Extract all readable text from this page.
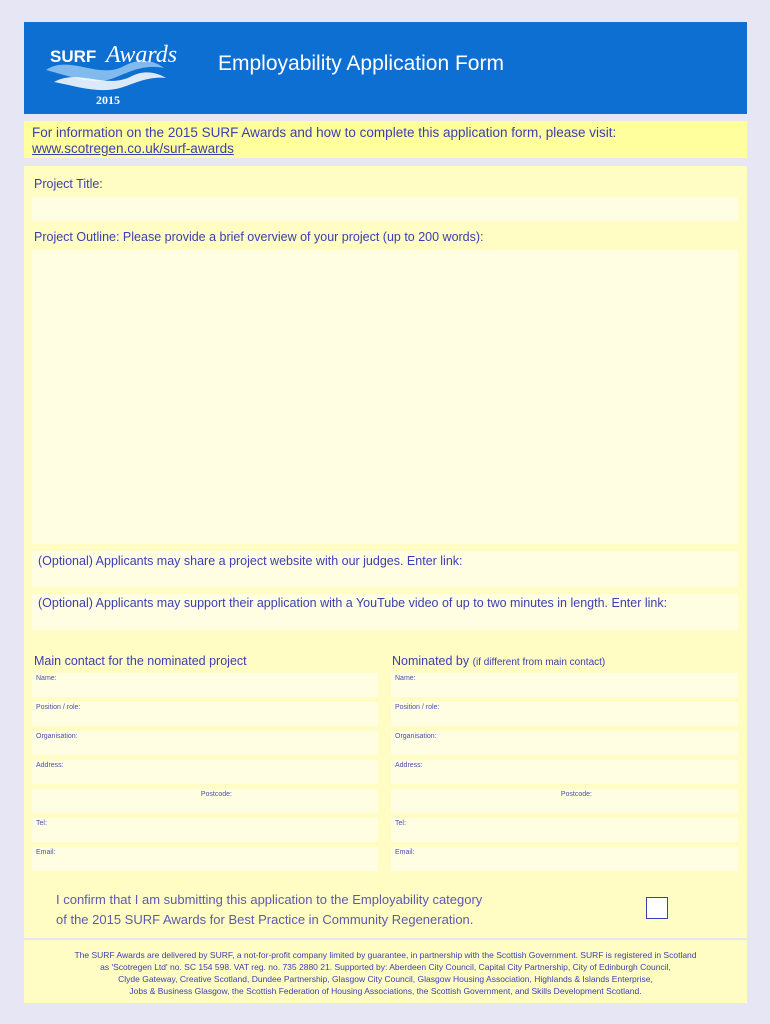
SURF Awards
2015
Employability Application Form
For information on the 2015 SURF Awards and how to complete this application form, please visit:
www.scotregen.co.uk/surf-awards
Project Title:
Project Outline: Please provide a brief overview of your project (up to 200 words):
(Optional) Applicants may share a project website with our judges. Enter link:
(Optional) Applicants may support their application with a YouTube video of up to two minutes in length. Enter link:
Main contact for the nominated project	Nominated by (if different from main contact)
Name:
Position / role:
Organisation:
Address:
Postcode:
Tel:
Email:
Name:
Position / role:
Organisation:
Address:
Postcode:
Tel:
Email:
I confirm that I am submitting this application to the Employability category
of the 2015 SURF Awards for Best Practice in Community Regeneration.
The SURF Awards are delivered by SURF, a not-for-profit company limited by guarantee, in partnership with the Scottish Government. SURF is registered in Scotland
as 'Scotregen Ltd' no. SC 154 598. VAT reg. no. 735 2880 21. Supported by: Aberdeen City Council, Capital City Partnership, City of Edinburgh Council,
Clyde Gateway, Creative Scotland, Dundee Partnership, Glasgow City Council, Glasgow Housing Association, Highlands & Islands Enterprise,
Jobs & Business Glasgow, the Scottish Federation of Housing Associations, the Scottish Government, and Skills Development Scotland.
